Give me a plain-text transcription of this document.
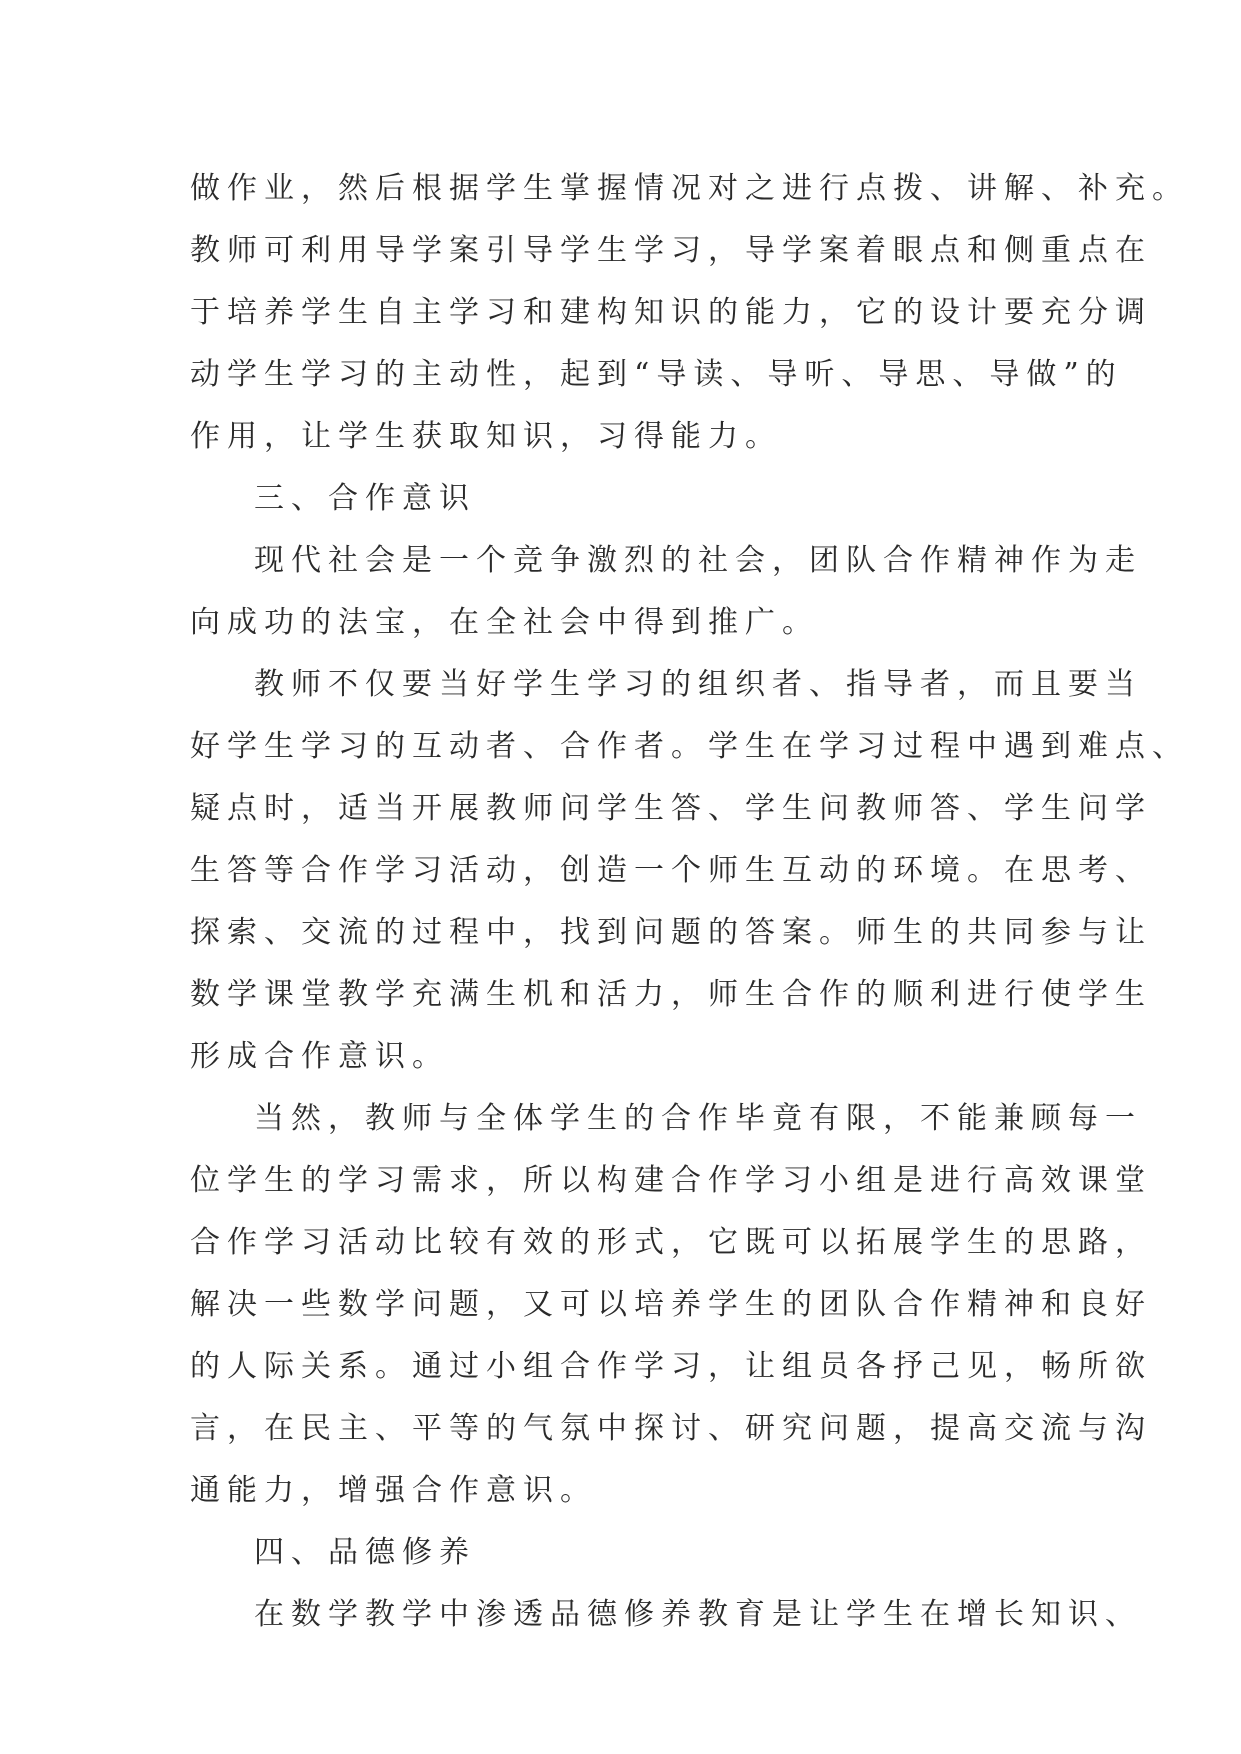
做作业，然后根据学生掌握情况对之进行点拨、讲解、补充。
教师可利用导学案引导学生学习，导学案着眼点和侧重点在
于培养学生自主学习和建构知识的能力，它的设计要充分调
动学生学习的主动性，起到“导读、导听、导思、导做”的
作用，让学生获取知识，习得能力。
三、合作意识
现代社会是一个竞争激烈的社会，团队合作精神作为走
向成功的法宝，在全社会中得到推广。
教师不仅要当好学生学习的组织者、指导者，而且要当
好学生学习的互动者、合作者。学生在学习过程中遇到难点、
疑点时，适当开展教师问学生答、学生问教师答、学生问学
生答等合作学习活动，创造一个师生互动的环境。在思考、
探索、交流的过程中，找到问题的答案。师生的共同参与让
数学课堂教学充满生机和活力，师生合作的顺利进行使学生
形成合作意识。
当然，教师与全体学生的合作毕竟有限，不能兼顾每一
位学生的学习需求，所以构建合作学习小组是进行高效课堂
合作学习活动比较有效的形式，它既可以拓展学生的思路，
解决一些数学问题，又可以培养学生的团队合作精神和良好
的人际关系。通过小组合作学习，让组员各抒己见，畅所欲
言，在民主、平等的气氛中探讨、研究问题，提高交流与沟
通能力，增强合作意识。
四、品德修养
在数学教学中渗透品德修养教育是让学生在增长知识、
